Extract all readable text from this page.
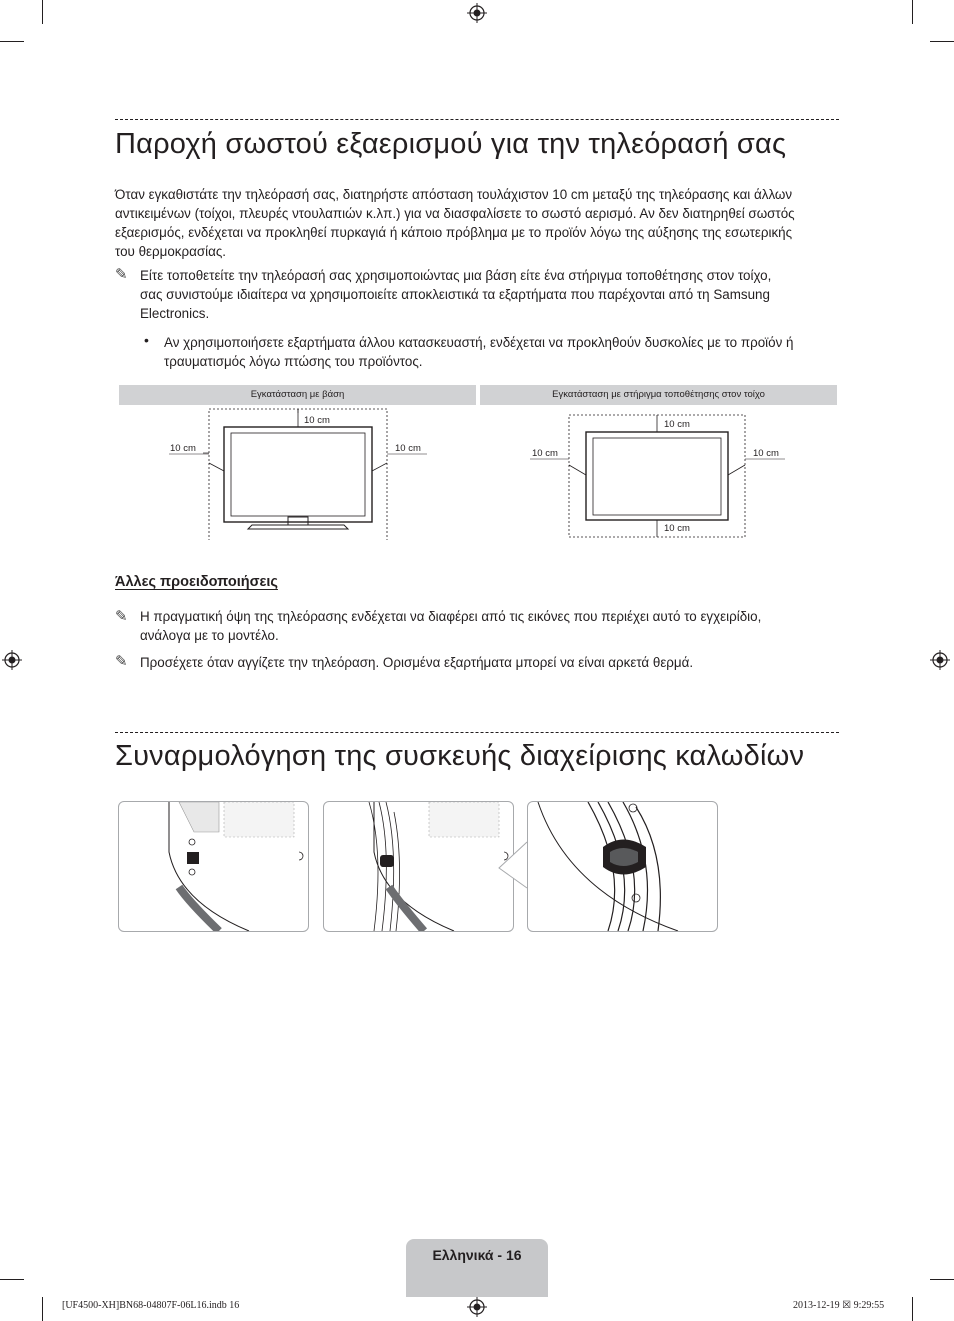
Παροχή σωστού εξαερισμού για την τηλεόρασή σας

Όταν εγκαθιστάτε την τηλεόρασή σας, διατηρήστε απόσταση τουλάχιστον 10 cm μεταξύ της τηλεόρασης και άλλων

αντικειμένων (τοίχοι, πλευρές ντουλαπιών κ.λπ.) για να διασφαλίσετε το σωστό αερισμό. Αν δεν διατηρηθεί σωστός

εξαερισμός, ενδέχεται να προκληθεί πυρκαγιά ή κάποιο πρόβλημα με το προϊόν λόγω της αύξησης της εσωτερικής

του θερμοκρασίας.

✎ Είτε τοποθετείτε την τηλεόρασή σας χρησιμοποιώντας μια βάση είτε ένα στήριγμα τοποθέτησης στον τοίχο,

σας συνιστούμε ιδιαίτερα να χρησιμοποιείτε αποκλειστικά τα εξαρτήματα που παρέχονται από τη Samsung

Electronics.

• Αν χρησιμοποιήσετε εξαρτήματα άλλου κατασκευαστή, ενδέχεται να προκληθούν δυσκολίες με το προϊόν ή

τραυματισμός λόγω πτώσης του προϊόντος.

Εγκατάσταση με βάση	Εγκατάσταση με στήριγμα τοποθέτησης στον τοίχο
10 cm
10 cm	10 cm
10 cm
10 cm	10 cm
10 cm
Άλλες προειδοποιήσεις
✎ Η πραγματική όψη της τηλεόρασης ενδέχεται να διαφέρει από τις εικόνες που περιέχει αυτό το εγχειρίδιο,

ανάλογα με το μοντέλο.

✎ Προσέχετε όταν αγγίζετε την τηλεόραση. Ορισμένα εξαρτήματα μπορεί να είναι αρκετά θερμά.

Συναρμολόγηση της συσκευής διαχείρισης καλωδίων
Ελληνικά - 16
[UF4500-XH]BN68-04807F-06L16.indb 16	2013-12-19 ☒ 9:29:55
